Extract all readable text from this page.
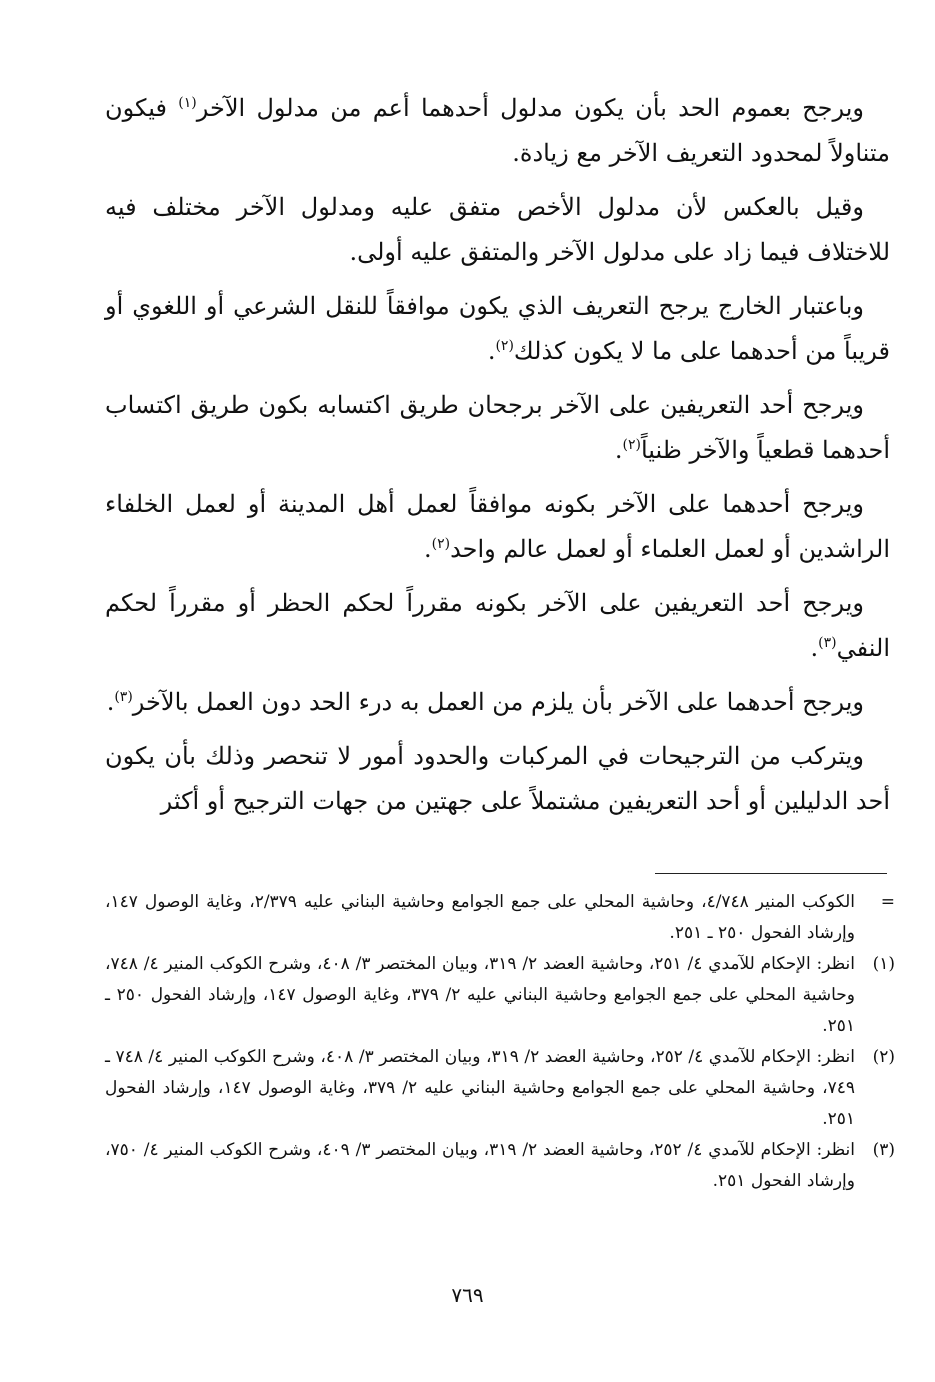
ويرجح بعموم الحد بأن يكون مدلول أحدهما أعم من مدلول الآخر$^{(١)}$ فيكون متناولاً لمحدود التعريف الآخر مع زيادة.

وقيل بالعكس لأن مدلول الأخص متفق عليه ومدلول الآخر مختلف فيه للاختلاف فيما زاد على مدلول الآخر والمتفق عليه أولى.

وباعتبار الخارج يرجح التعريف الذي يكون موافقاً للنقل الشرعي أو اللغوي أو قريباً من أحدهما على ما لا يكون كذلك$^{(٢)}$.

ويرجح أحد التعريفين على الآخر برجحان طريق اكتسابه بكون طريق اكتساب أحدهما قطعياً والآخر ظنياً$^{(٢)}$.

ويرجح أحدهما على الآخر بكونه موافقاً لعمل أهل المدينة أو لعمل الخلفاء الراشدين أو لعمل العلماء أو لعمل عالم واحد$^{(٢)}$.

ويرجح أحد التعريفين على الآخر بكونه مقرراً لحكم الحظر أو مقرراً لحكم النفي$^{(٣)}$.

ويرجح أحدهما على الآخر بأن يلزم من العمل به درء الحد دون العمل بالآخر$^{(٣)}$.

ويتركب من الترجيحات في المركبات والحدود أمور لا تنحصر وذلك بأن يكون أحد الدليلين أو أحد التعريفين مشتملاً على جهتين من جهات الترجيح أو أكثر

=
الكوكب المنير ٤/٧٤٨، وحاشية المحلي على جمع الجوامع وحاشية البناني عليه ٢/٣٧٩، وغاية الوصول ١٤٧، وإرشاد الفحول ٢٥٠ ـ ٢٥١.
(١)
انظر: الإحكام للآمدي ٤/ ٢٥١، وحاشية العضد ٢/ ٣١٩، وبيان المختصر ٣/ ٤٠٨، وشرح الكوكب المنير ٤/ ٧٤٨، وحاشية المحلي على جمع الجوامع وحاشية البناني عليه ٢/ ٣٧٩، وغاية الوصول ١٤٧، وإرشاد الفحول ٢٥٠ ـ ٢٥١.
(٢)
انظر: الإحكام للآمدي ٤/ ٢٥٢، وحاشية العضد ٢/ ٣١٩، وبيان المختصر ٣/ ٤٠٨، وشرح الكوكب المنير ٤/ ٧٤٨ ـ ٧٤٩، وحاشية المحلي على جمع الجوامع وحاشية البناني عليه ٢/ ٣٧٩، وغاية الوصول ١٤٧، وإرشاد الفحول ٢٥١.
(٣)
انظر: الإحكام للآمدي ٤/ ٢٥٢، وحاشية العضد ٢/ ٣١٩، وبيان المختصر ٣/ ٤٠٩، وشرح الكوكب المنير ٤/ ٧٥٠، وإرشاد الفحول ٢٥١.
٧٦٩
